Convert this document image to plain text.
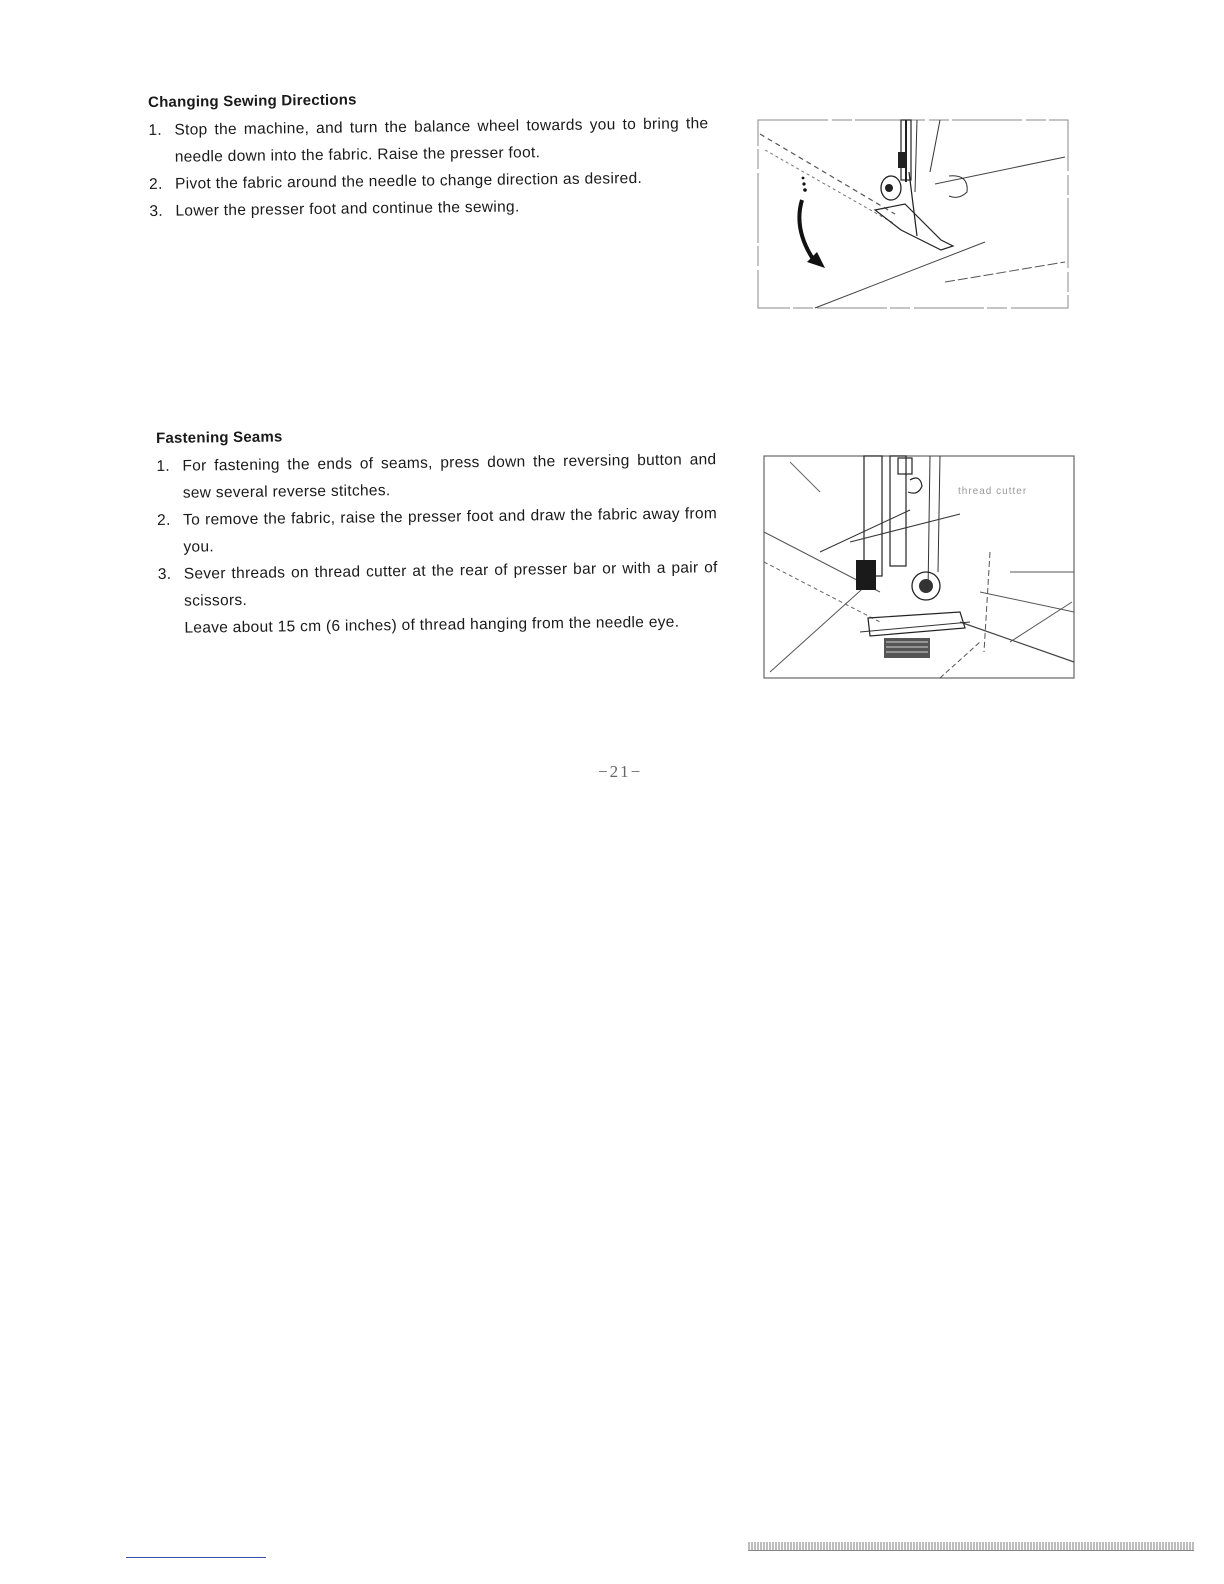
Changing Sewing Directions
1. Stop the machine, and turn the balance wheel towards you to bring the needle down into the fabric. Raise the presser foot.
2. Pivot the fabric around the needle to change direction as desired.
3. Lower the presser foot and continue the sewing.
Fastening Seams
1. For fastening the ends of seams, press down the reversing button and sew several reverse stitches.
2. To remove the fabric, raise the presser foot and draw the fabric away from you.
3. Sever threads on thread cutter at the rear of presser bar or with a pair of scissors.
Leave about 15 cm (6 inches) of thread hanging from the needle eye.
thread cutter
−21−
